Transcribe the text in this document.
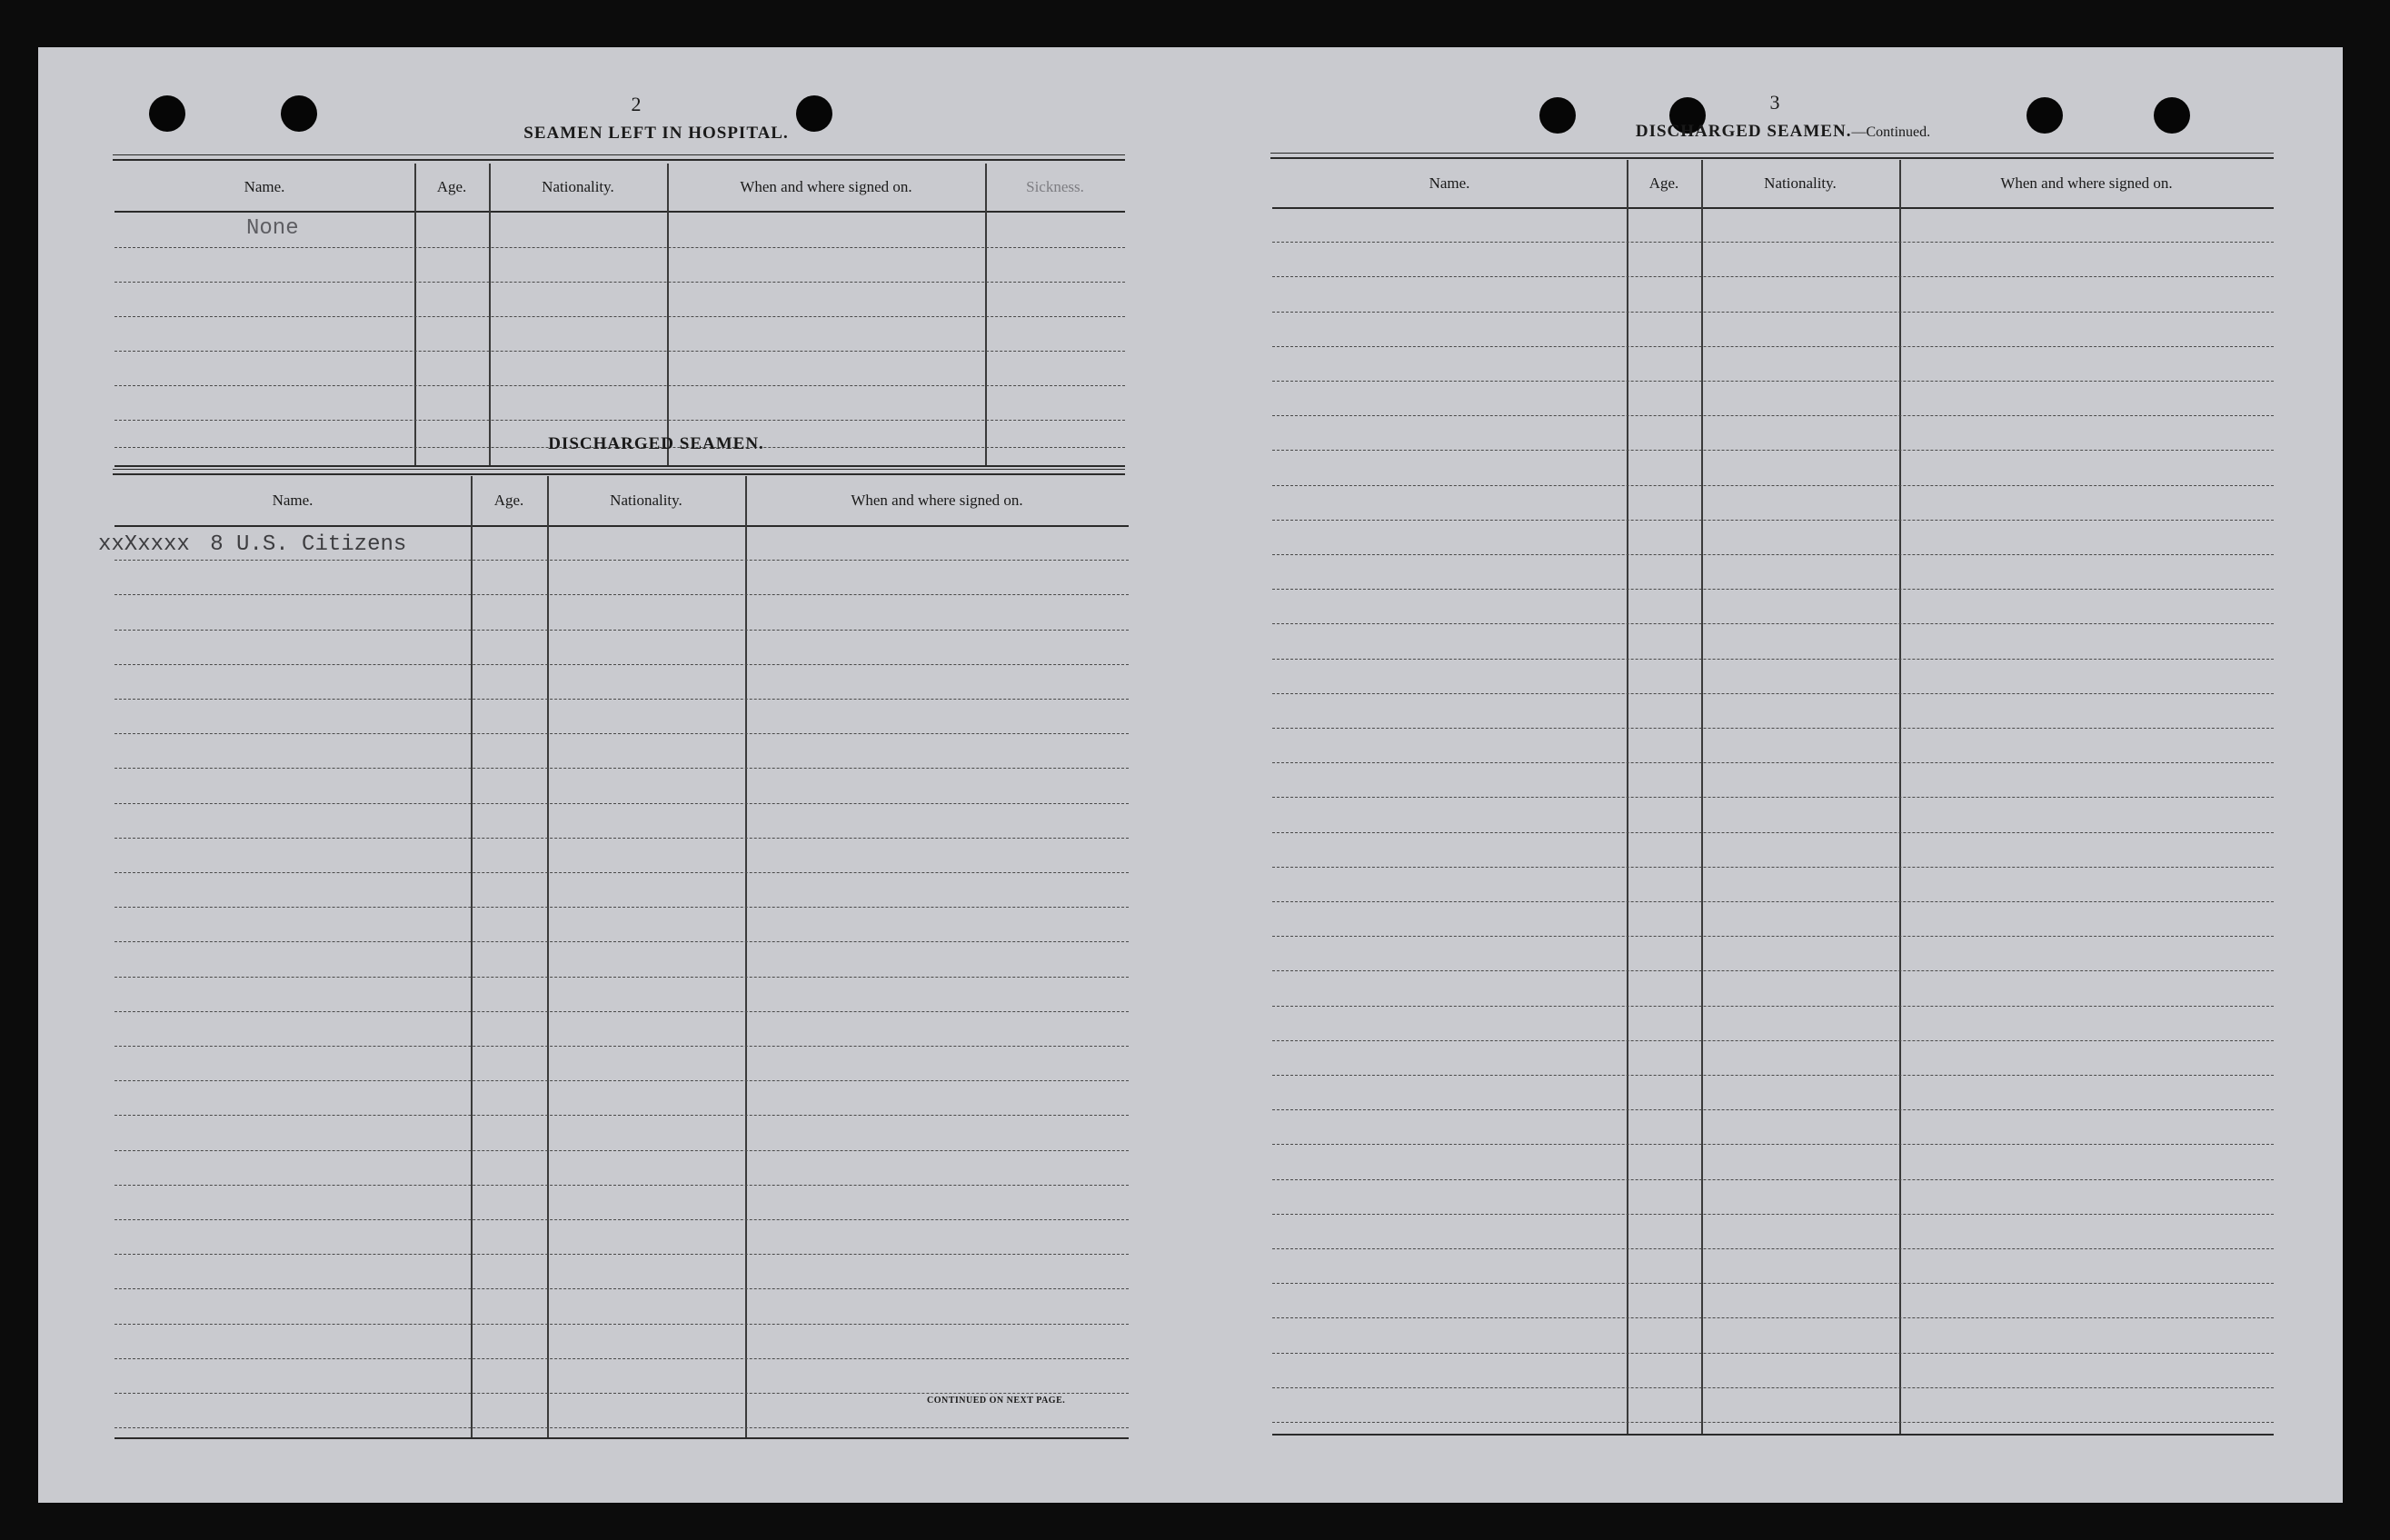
2
SEAMEN LEFT IN HOSPITAL.
Name.	Age.	Nationality.	When and where signed on.	Sickness.
None
DISCHARGED SEAMEN.
Name.	Age.	Nationality.	When and where signed on.
xxXxxxx 8 U.S. Citizens
CONTINUED ON NEXT PAGE.
3
DISCHARGED SEAMEN.—Continued.
Name.	Age.	Nationality.	When and where signed on.
